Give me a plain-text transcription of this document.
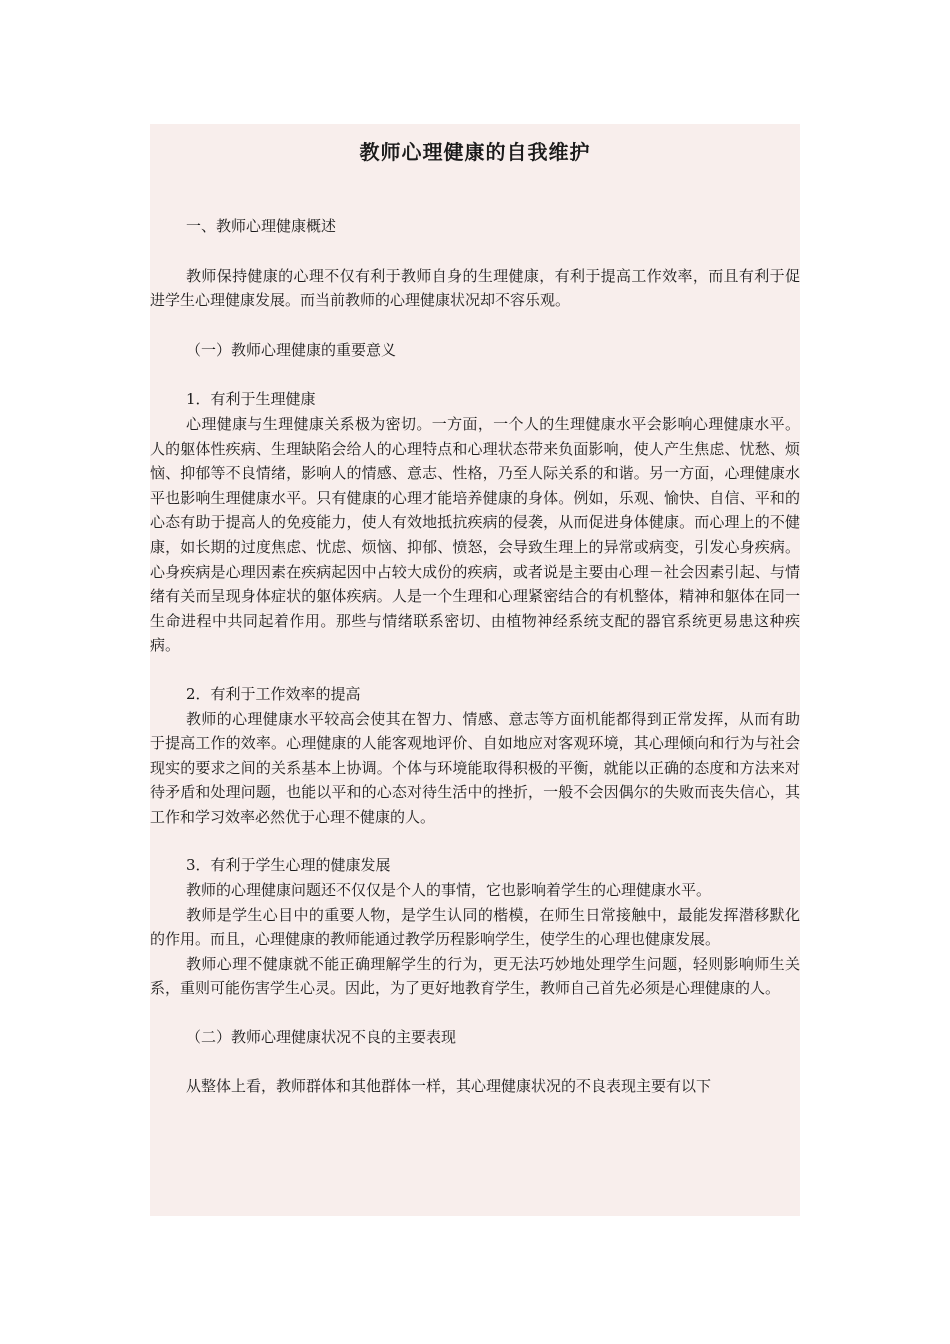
教师心理健康的自我维护

一、教师心理健康概述

教师保持健康的心理不仅有利于教师自身的生理健康，有利于提高工作效率，而且有利于促进学生心理健康发展。而当前教师的心理健康状况却不容乐观。

（一）教师心理健康的重要意义

1．有利于生理健康

心理健康与生理健康关系极为密切。一方面，一个人的生理健康水平会影响心理健康水平。人的躯体性疾病、生理缺陷会给人的心理特点和心理状态带来负面影响，使人产生焦虑、忧愁、烦恼、抑郁等不良情绪，影响人的情感、意志、性格，乃至人际关系的和谐。另一方面，心理健康水平也影响生理健康水平。只有健康的心理才能培养健康的身体。例如，乐观、愉快、自信、平和的心态有助于提高人的免疫能力，使人有效地抵抗疾病的侵袭，从而促进身体健康。而心理上的不健康，如长期的过度焦虑、忧虑、烦恼、抑郁、愤怒，会导致生理上的异常或病变，引发心身疾病。心身疾病是心理因素在疾病起因中占较大成份的疾病，或者说是主要由心理－社会因素引起、与情绪有关而呈现身体症状的躯体疾病。人是一个生理和心理紧密结合的有机整体，精神和躯体在同一生命进程中共同起着作用。那些与情绪联系密切、由植物神经系统支配的器官系统更易患这种疾病。

2．有利于工作效率的提高

教师的心理健康水平较高会使其在智力、情感、意志等方面机能都得到正常发挥，从而有助于提高工作的效率。心理健康的人能客观地评价、自如地应对客观环境，其心理倾向和行为与社会现实的要求之间的关系基本上协调。个体与环境能取得积极的平衡，就能以正确的态度和方法来对待矛盾和处理问题，也能以平和的心态对待生活中的挫折，一般不会因偶尔的失败而丧失信心，其工作和学习效率必然优于心理不健康的人。

3．有利于学生心理的健康发展

教师的心理健康问题还不仅仅是个人的事情，它也影响着学生的心理健康水平。

教师是学生心目中的重要人物，是学生认同的楷模，在师生日常接触中，最能发挥潜移默化的作用。而且，心理健康的教师能通过教学历程影响学生，使学生的心理也健康发展。

教师心理不健康就不能正确理解学生的行为，更无法巧妙地处理学生问题，轻则影响师生关系，重则可能伤害学生心灵。因此，为了更好地教育学生，教师自己首先必须是心理健康的人。

（二）教师心理健康状况不良的主要表现

从整体上看，教师群体和其他群体一样，其心理健康状况的不良表现主要有以下
